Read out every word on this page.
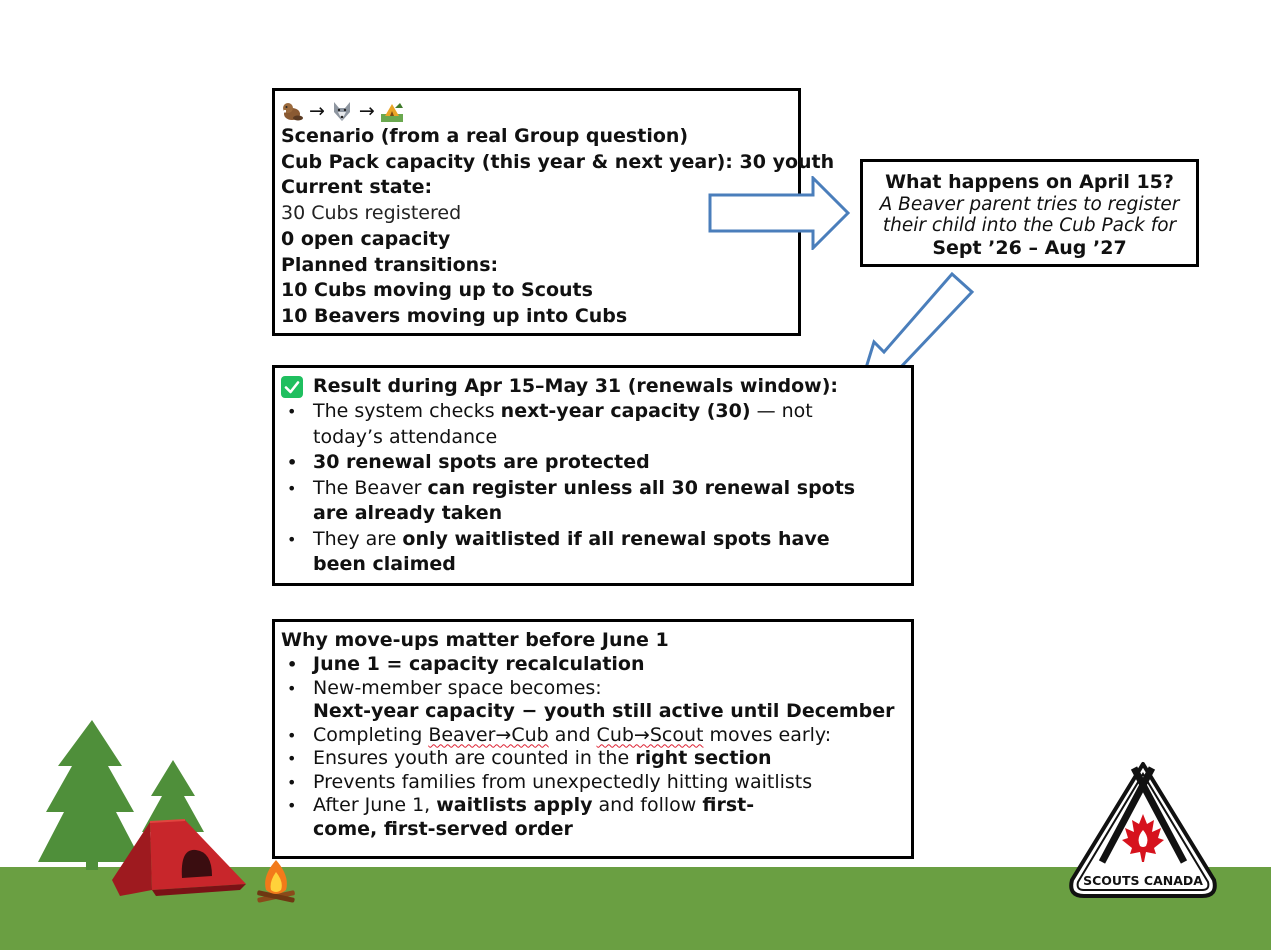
→ →
Scenario (from a real Group question)
Cub Pack capacity (this year & next year): 30 youth
Current state:
30 Cubs registered
0 open capacity
Planned transitions:
10 Cubs moving up to Scouts
10 Beavers moving up into Cubs
What happens on April 15?
A Beaver parent tries to register
their child into the Cub Pack for
Sept ’26 – Aug ’27
Result during Apr 15–May 31 (renewals window):
• The system checks next-year capacity (30) — not today’s attendance
• 30 renewal spots are protected
• The Beaver can register unless all 30 renewal spots are already taken
• They are only waitlisted if all renewal spots have been claimed
Why move-ups matter before June 1
• June 1 = capacity recalculation
• New-member space becomes:
Next-year capacity − youth still active until December
• Completing Beaver→Cub and Cub→Scout moves early:
• Ensures youth are counted in the right section
• Prevents families from unexpectedly hitting waitlists
• After June 1, waitlists apply and follow first-come, first-served order
SCOUTS CANADA
